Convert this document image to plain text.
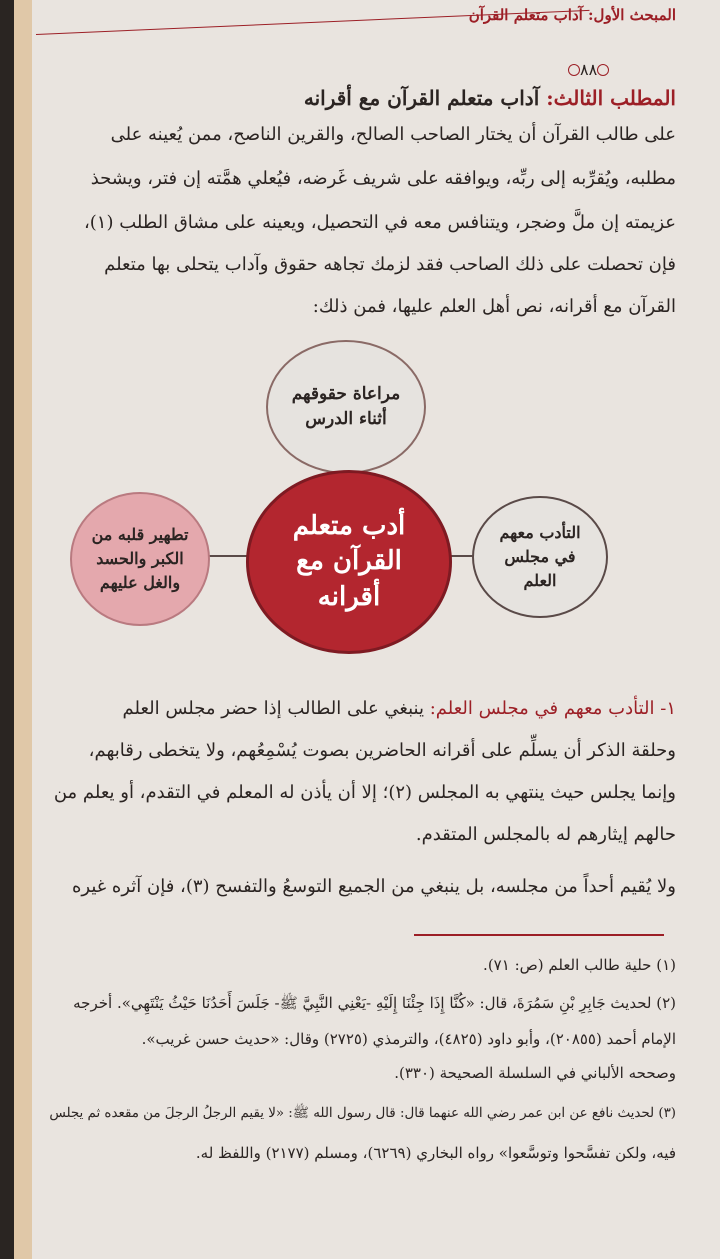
المبحث الأول: آداب متعلم القرآن
٨٨
المطلب الثالث: آداب متعلم القرآن مع أقرانه
على طالب القرآن أن يختار الصاحب الصالح، والقرين الناصح، ممن يُعينه على
مطلبه، ويُقرِّبه إلى ربِّه، ويوافقه على شريف غَرضه، فيُعلي همَّته إن فتر، ويشحذ
عزيمته إن ملَّ وضجر، ويتنافس معه في التحصيل، ويعينه على مشاق الطلب (١)،
فإن تحصلت على ذلك الصاحب فقد لزمك تجاهه حقوق وآداب يتحلى بها متعلم
القرآن مع أقرانه، نص أهل العلم عليها، فمن ذلك:
مراعاة حقوقهم أثناء الدرس
أدب متعلم القرآن مع أقرانه
تطهير قلبه من الكبر والحسد والغل عليهم
التأدب معهم في مجلس العلم
١- التأدب معهم في مجلس العلم: ينبغي على الطالب إذا حضر مجلس العلم
وحلقة الذكر أن يسلِّم على أقرانه الحاضرين بصوت يُسْمِعُهم، ولا يتخطى رقابهم،
وإنما يجلس حيث ينتهي به المجلس (٢)؛ إلا أن يأذن له المعلم في التقدم، أو يعلم من
حالهم إيثارهم له بالمجلس المتقدم.
ولا يُقيم أحداً من مجلسه، بل ينبغي من الجميع التوسعُ والتفسح (٣)، فإن آثره غيره
(١) حلية طالب العلم (ص: ٧١).
(٢) لحديث جَابِرِ بْنِ سَمُرَةَ، قال: «كُنَّا إِذَا جِئْنَا إِلَيْهِ -يَعْنِي النَّبِيَّ ﷺ- جَلَسَ أَحَدُنَا حَيْثُ يَنْتَهِي». أخرجه
الإمام أحمد (٢٠٨٥٥)، وأبو داود (٤٨٢٥)، والترمذي (٢٧٢٥) وقال: «حديث حسن غريب».
وصححه الألباني في السلسلة الصحيحة (٣٣٠).
(٣) لحديث نافع عن ابن عمر رضي الله عنهما قال: قال رسول الله ﷺ: «لا يقيم الرجلُ الرجلَ من مقعده ثم يجلس
فيه، ولكن تفسَّحوا وتوسَّعوا» رواه البخاري (٦٢٦٩)، ومسلم (٢١٧٧) واللفظ له.
